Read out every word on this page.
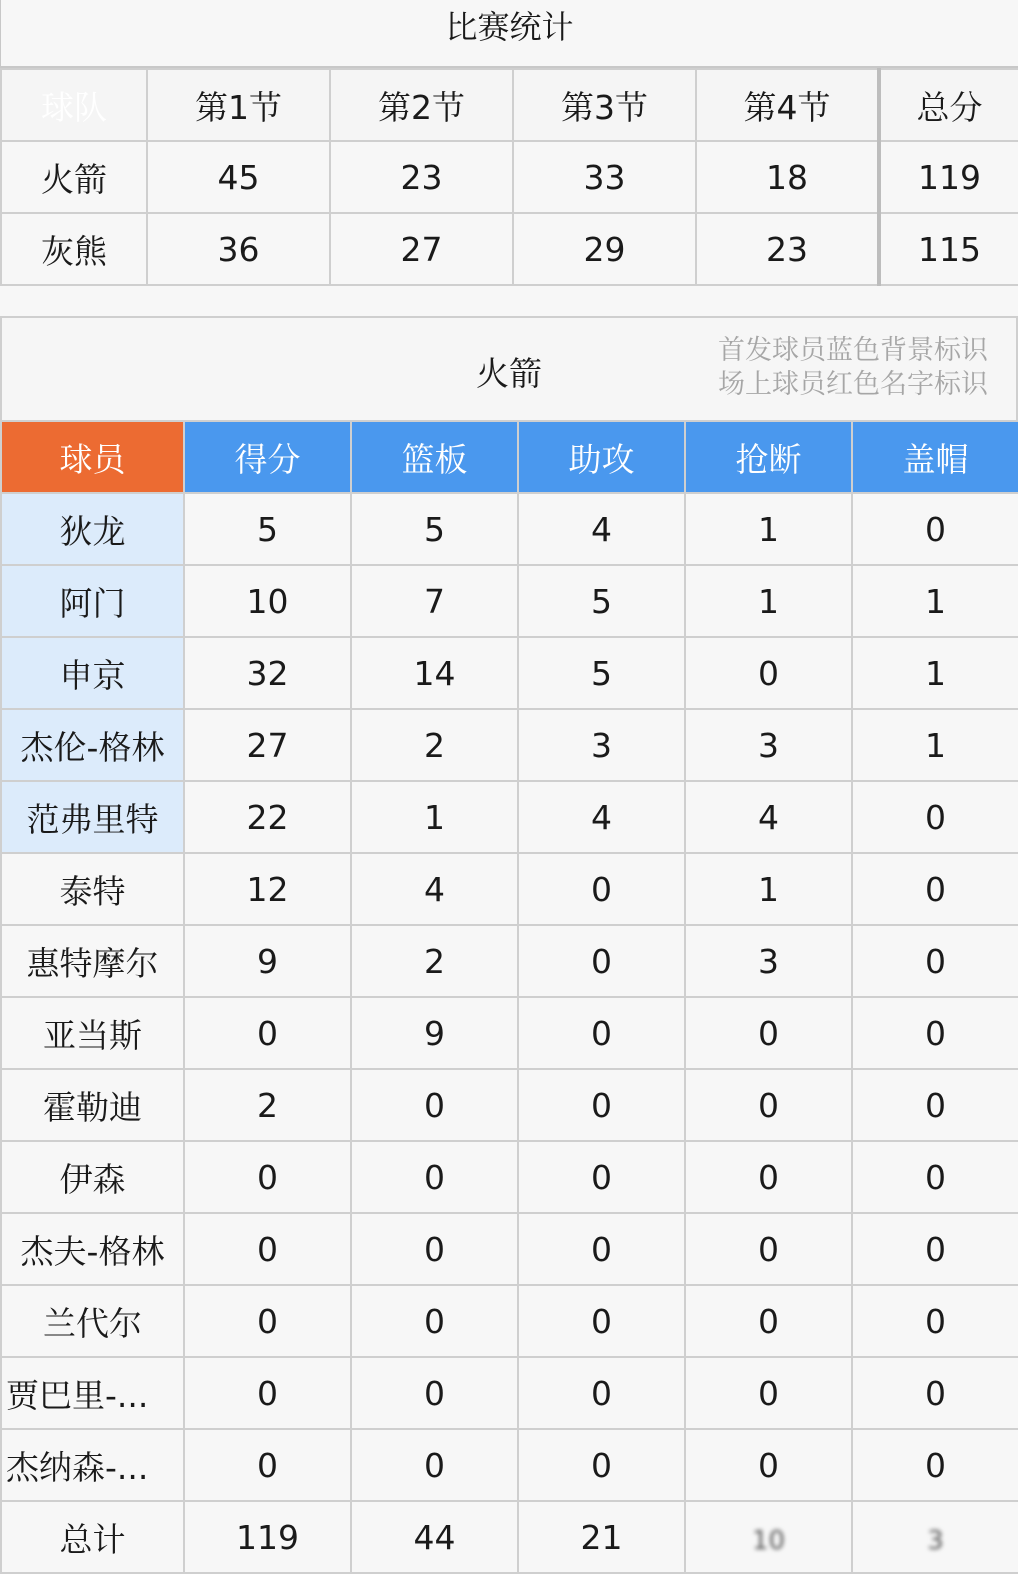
比赛统计
球队	第1节	第2节	第3节	第4节	总分
火箭	45	23	33	18	119
灰熊	36	27	29	23	115
火箭
首发球员蓝色背景标识
场上球员红色名字标识
球员	得分	篮板	助攻	抢断	盖帽
狄龙	5	5	4	1	0
阿门	10	7	5	1	1
申京	32	14	5	0	1
杰伦-格林	27	2	3	3	1
范弗里特	22	1	4	4	0
泰特	12	4	0	1	0
惠特摩尔	9	2	0	3	0
亚当斯	0	9	0	0	0
霍勒迪	2	0	0	0	0
伊森	0	0	0	0	0
杰夫-格林	0	0	0	0	0
兰代尔	0	0	0	0	0
贾巴里-...	0	0	0	0	0
杰纳森-...	0	0	0	0	0
总计	119	44	21	10	3
